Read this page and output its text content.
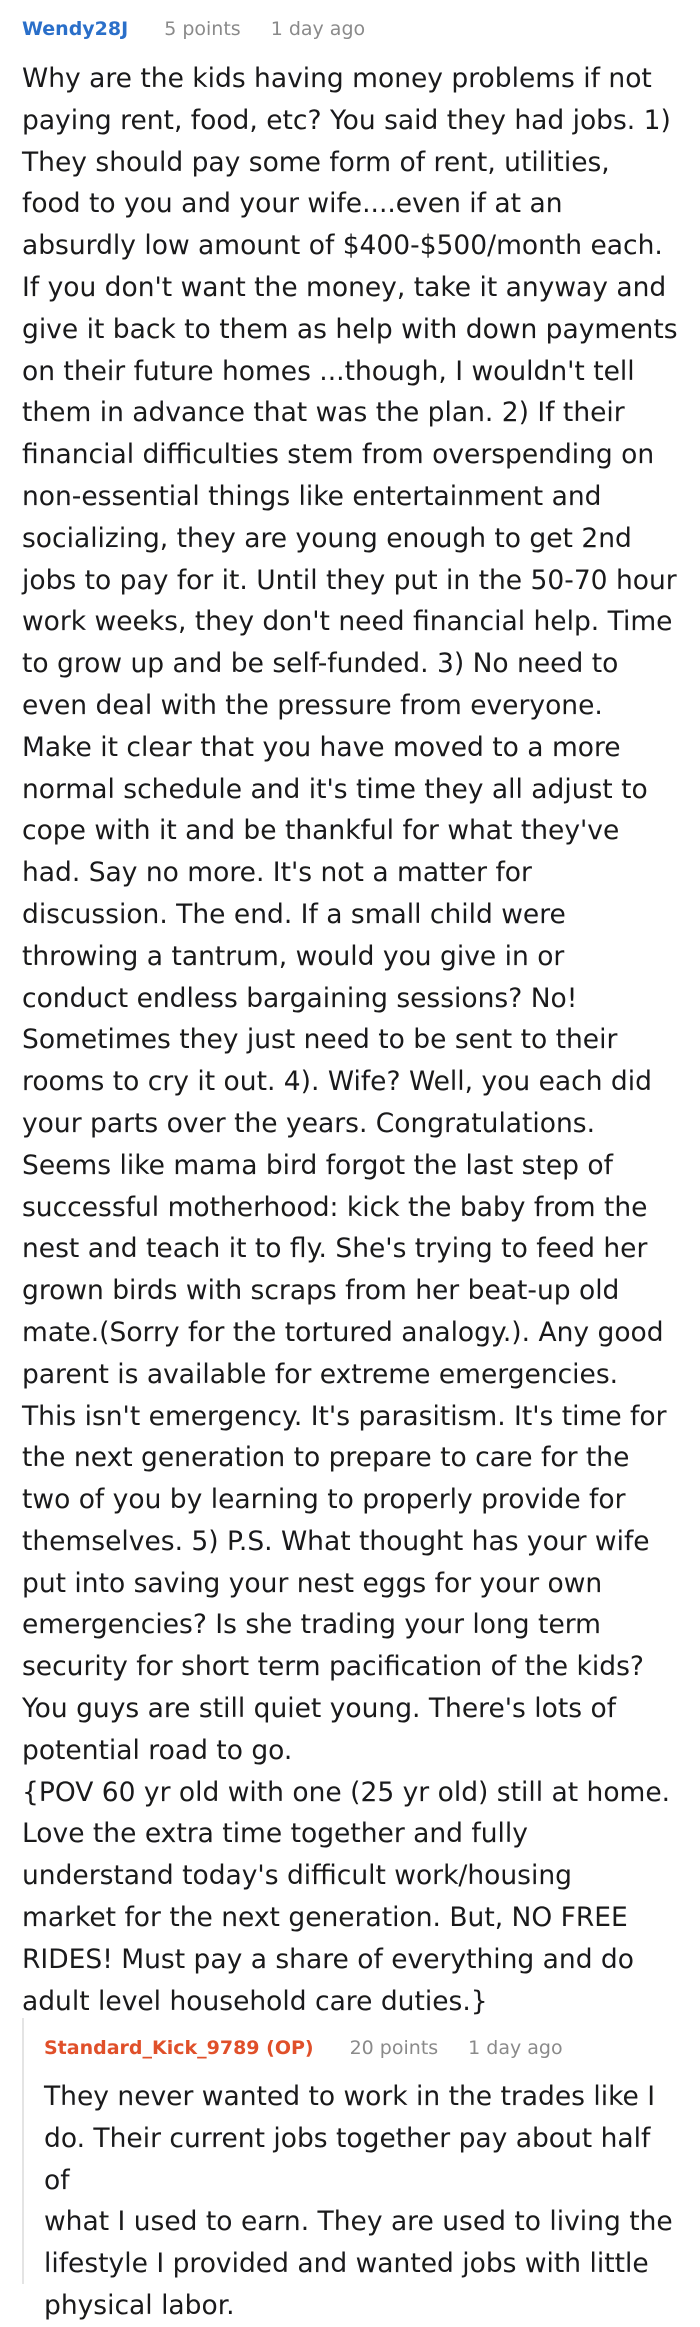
Wendy28J 5 points 1 day ago

Why are the kids having money problems if not
paying rent, food, etc? You said they had jobs. 1)
They should pay some form of rent, utilities,
food to you and your wife....even if at an
absurdly low amount of $400-$500/month each.
If you don't want the money, take it anyway and
give it back to them as help with down payments
on their future homes ...though, I wouldn't tell
them in advance that was the plan. 2) If their
financial difficulties stem from overspending on
non-essential things like entertainment and
socializing, they are young enough to get 2nd
jobs to pay for it. Until they put in the 50-70 hour
work weeks, they don't need financial help. Time
to grow up and be self-funded. 3) No need to
even deal with the pressure from everyone.
Make it clear that you have moved to a more
normal schedule and it's time they all adjust to
cope with it and be thankful for what they've
had. Say no more. It's not a matter for
discussion. The end. If a small child were
throwing a tantrum, would you give in or
conduct endless bargaining sessions? No!
Sometimes they just need to be sent to their
rooms to cry it out. 4). Wife? Well, you each did
your parts over the years. Congratulations.
Seems like mama bird forgot the last step of
successful motherhood: kick the baby from the
nest and teach it to fly. She's trying to feed her
grown birds with scraps from her beat-up old
mate.(Sorry for the tortured analogy.). Any good
parent is available for extreme emergencies.
This isn't emergency. It's parasitism. It's time for
the next generation to prepare to care for the
two of you by learning to properly provide for
themselves. 5) P.S. What thought has your wife
put into saving your nest eggs for your own
emergencies? Is she trading your long term
security for short term pacification of the kids?
You guys are still quiet young. There's lots of
potential road to go.
{POV 60 yr old with one (25 yr old) still at home.
Love the extra time together and fully
understand today's difficult work/housing
market for the next generation. But, NO FREE
RIDES! Must pay a share of everything and do
adult level household care duties.}

Standard_Kick_9789 (OP) 20 points 1 day ago

They never wanted to work in the trades like I
do. Their current jobs together pay about half of
what I used to earn. They are used to living the
lifestyle I provided and wanted jobs with little
physical labor.
